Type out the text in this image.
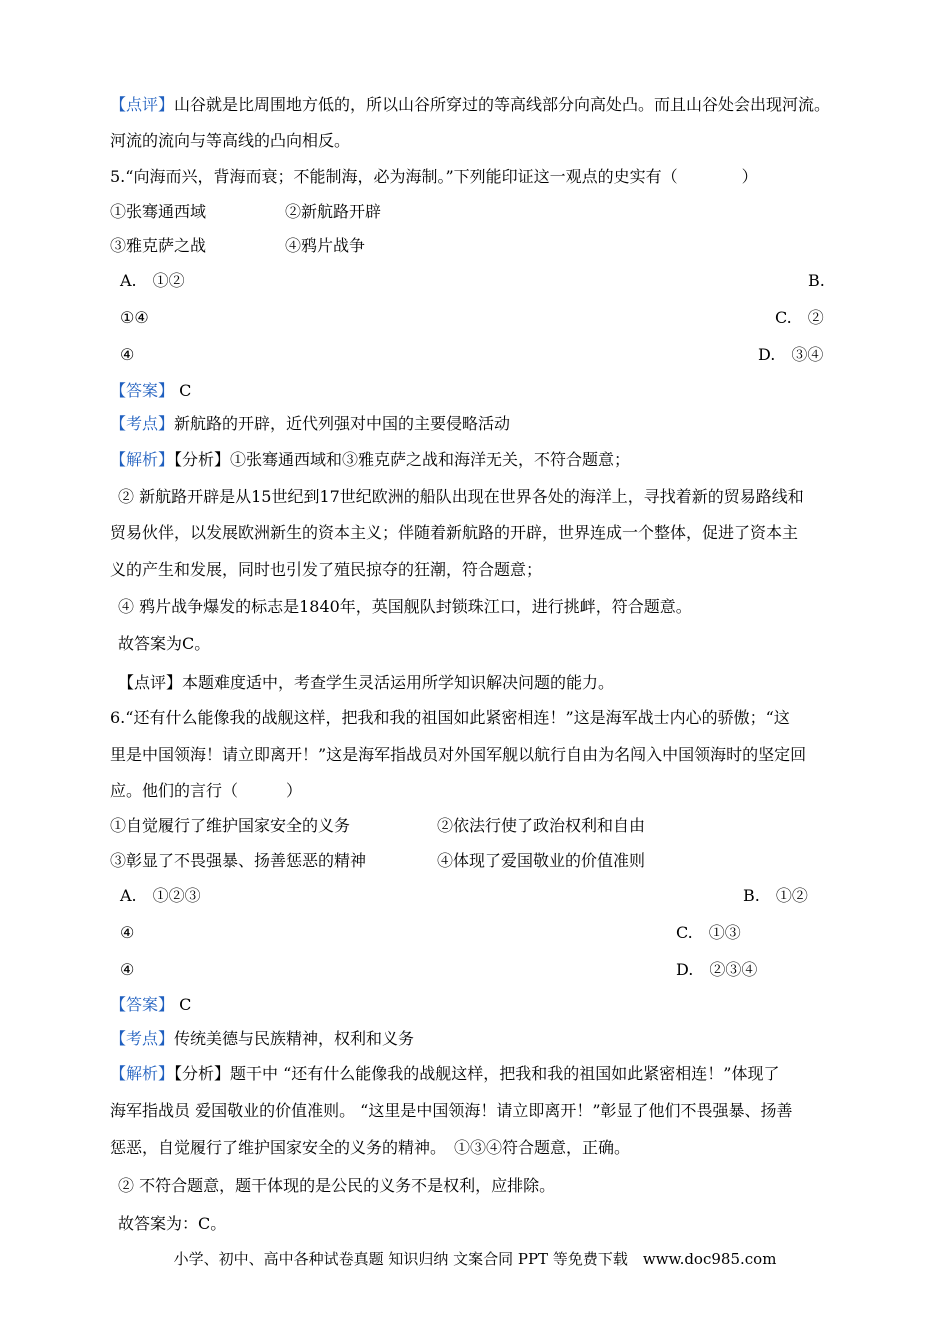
【点评】山谷就是比周围地方低的，所以山谷所穿过的等高线部分向高处凸。而且山谷处会出现河流。
河流的流向与等高线的凸向相反。
5.“向海而兴，背海而衰；不能制海，必为海制。”下列能印证这一观点的史实有（　　　　）
①张骞通西域	②新航路开辟
③雅克萨之战	④鸦片战争
A.　①②	B.
①④	C.　②
④	D.　③④
【答案】 C
【考点】新航路的开辟，近代列强对中国的主要侵略活动
【解析】【分析】①张骞通西域和③雅克萨之战和海洋无关，不符合题意；
② 新航路开辟是从15世纪到17世纪欧洲的船队出现在世界各处的海洋上，寻找着新的贸易路线和
贸易伙伴，以发展欧洲新生的资本主义；伴随着新航路的开辟，世界连成一个整体，促进了资本主
义的产生和发展，同时也引发了殖民掠夺的狂潮，符合题意；
④ 鸦片战争爆发的标志是1840年，英国舰队封锁珠江口，进行挑衅，符合题意。
故答案为C。
【点评】本题难度适中，考查学生灵活运用所学知识解决问题的能力。
6.“还有什么能像我的战舰这样，把我和我的祖国如此紧密相连！”这是海军战士内心的骄傲；“这
里是中国领海！请立即离开！”这是海军指战员对外国军舰以航行自由为名闯入中国领海时的坚定回
应。他们的言行（　　　）
①自觉履行了维护国家安全的义务	②依法行使了政治权利和自由
③彰显了不畏强暴、扬善惩恶的精神	④体现了爱国敬业的价值准则
A.　①②③	B.　①②
④	C.　①③
④	D.　②③④
【答案】 C
【考点】传统美德与民族精神，权利和义务
【解析】【分析】题干中 “还有什么能像我的战舰这样，把我和我的祖国如此紧密相连！”体现了
海军指战员 爱国敬业的价值准则。 “这里是中国领海！请立即离开！”彰显了他们不畏强暴、扬善
惩恶，自觉履行了维护国家安全的义务的精神。　①③④符合题意，正确。
② 不符合题意，题干体现的是公民的义务不是权利，应排除。
故答案为：C。
小学、初中、高中各种试卷真题 知识归纳 文案合同 PPT 等免费下载　www.doc985.com
